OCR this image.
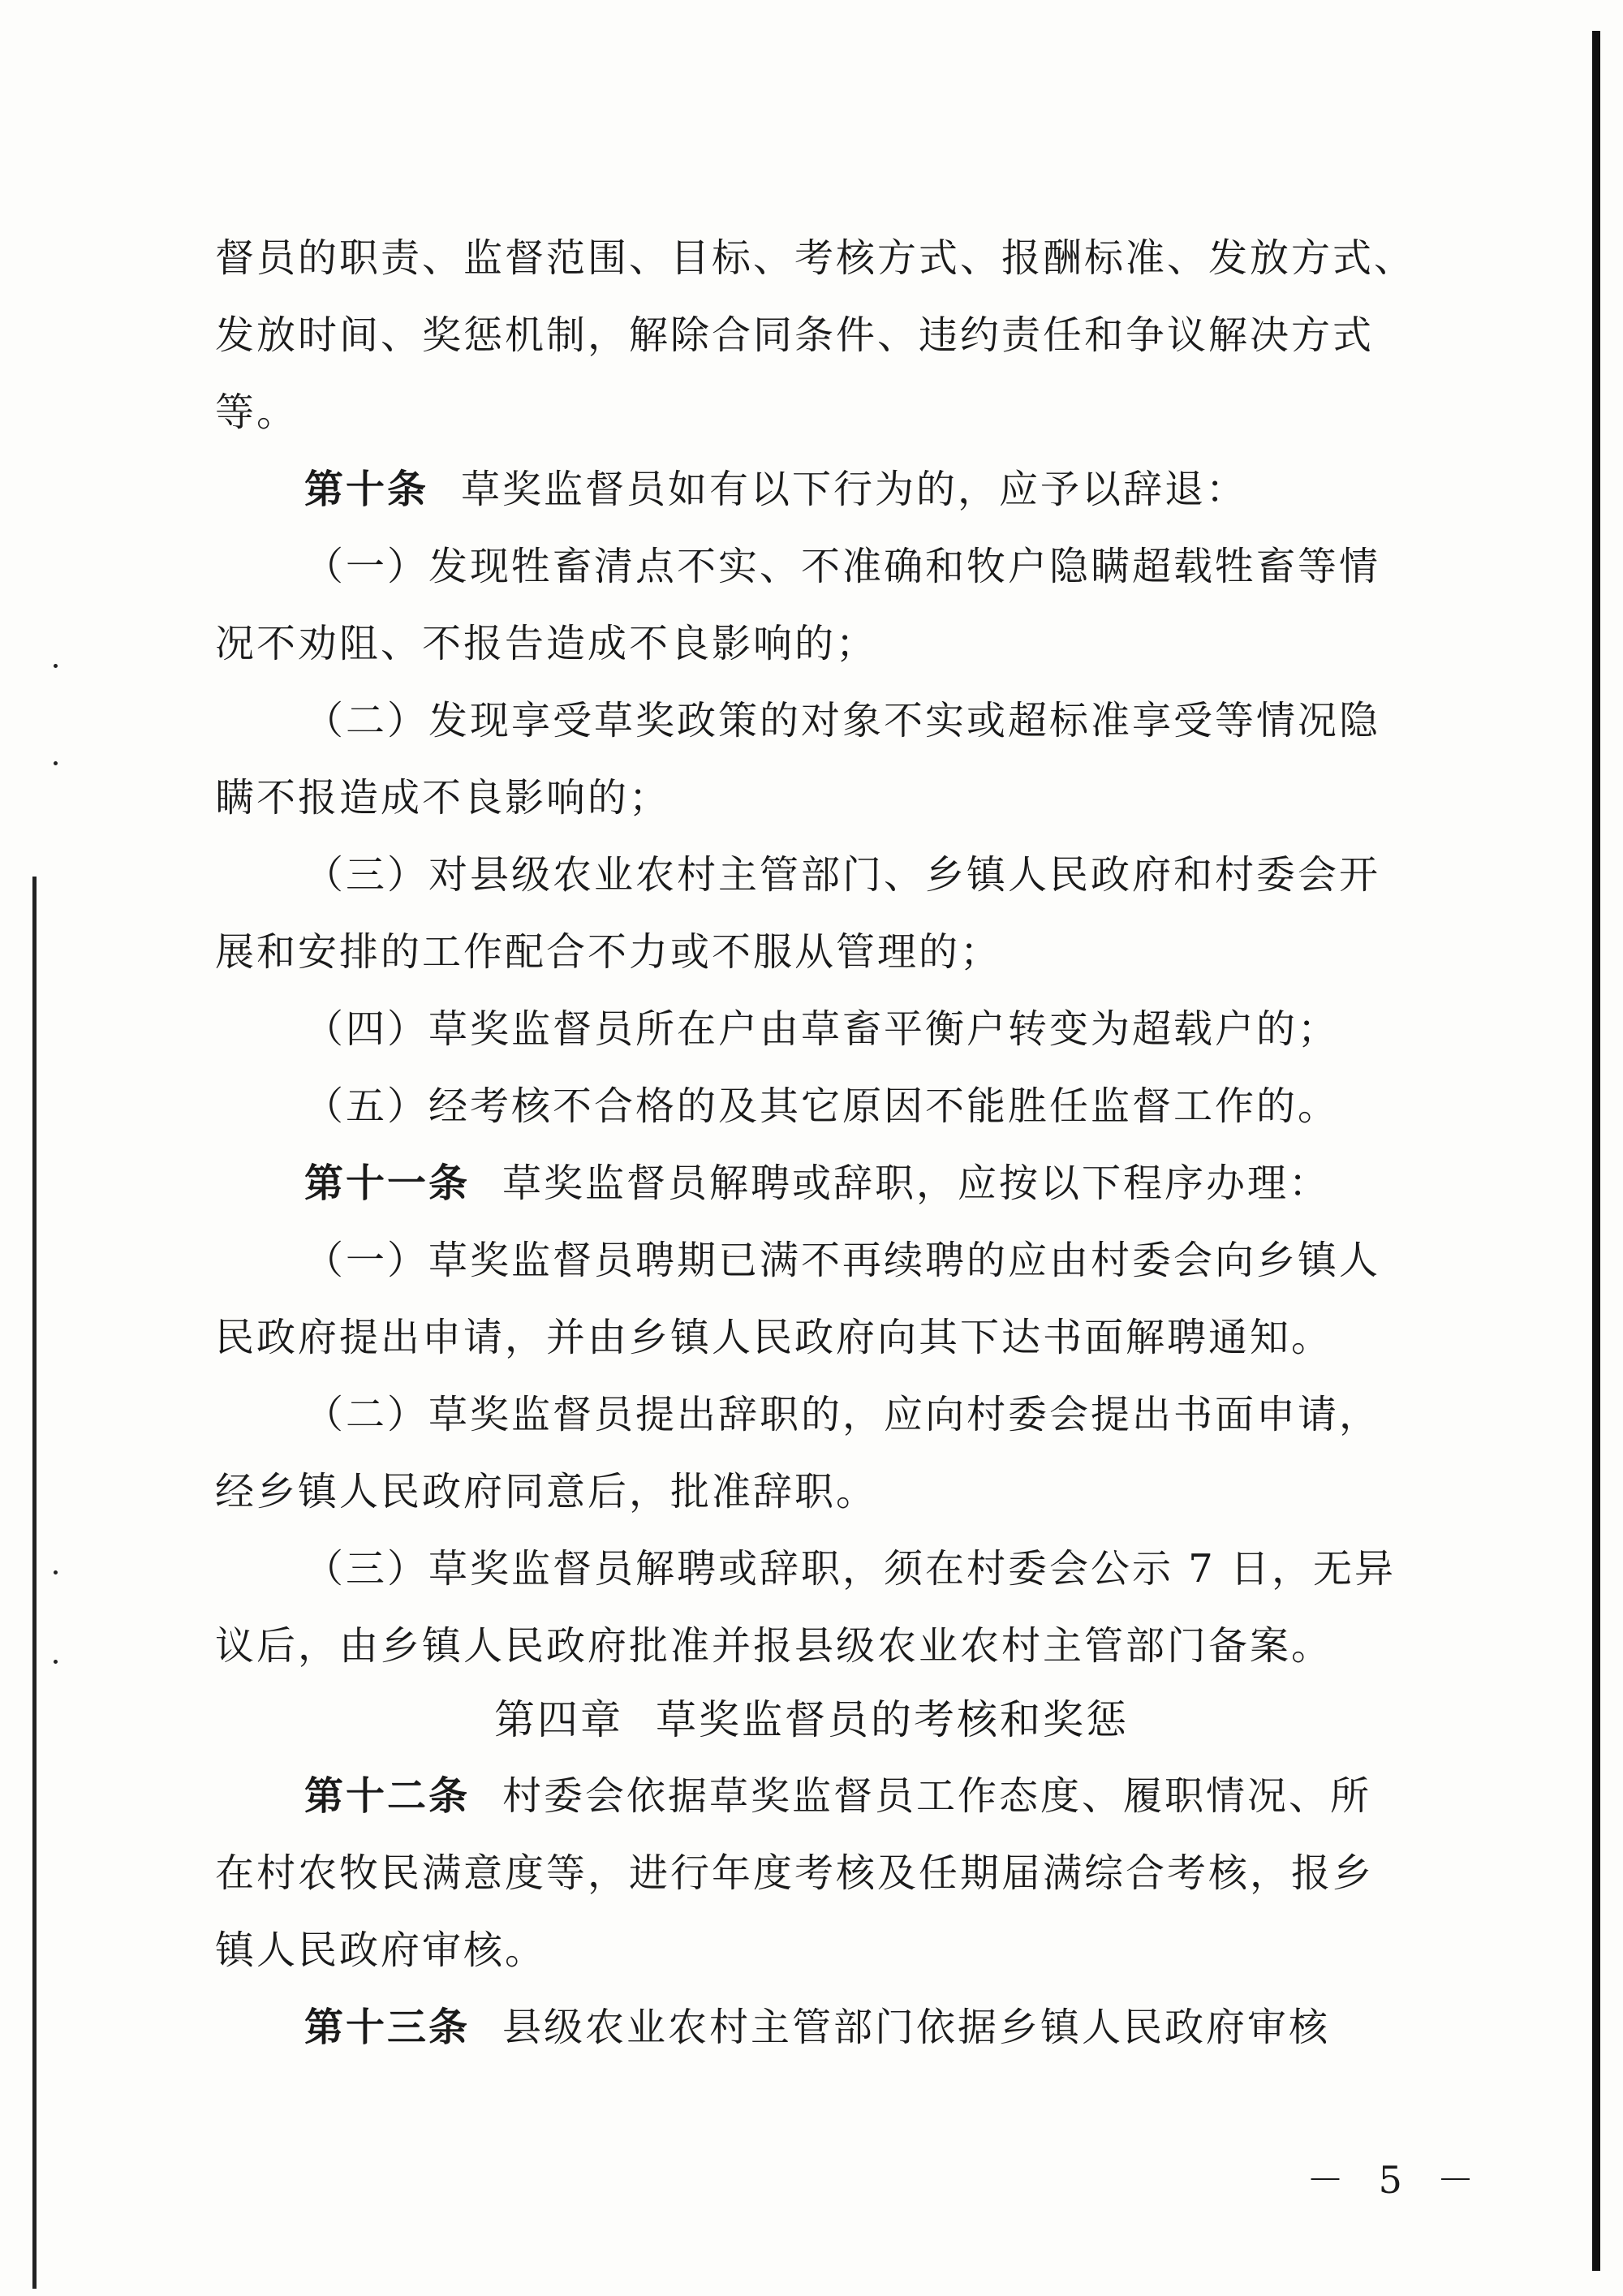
督员的职责、监督范围、目标、考核方式、报酬标准、发放方式、
发放时间、奖惩机制，解除合同条件、违约责任和争议解决方式
等。
第十条 草奖监督员如有以下行为的，应予以辞退：
（一）发现牲畜清点不实、不准确和牧户隐瞒超载牲畜等情
况不劝阻、不报告造成不良影响的；
（二）发现享受草奖政策的对象不实或超标准享受等情况隐
瞒不报造成不良影响的；
（三）对县级农业农村主管部门、乡镇人民政府和村委会开
展和安排的工作配合不力或不服从管理的；
（四）草奖监督员所在户由草畜平衡户转变为超载户的；
（五）经考核不合格的及其它原因不能胜任监督工作的。
第十一条 草奖监督员解聘或辞职，应按以下程序办理：
（一）草奖监督员聘期已满不再续聘的应由村委会向乡镇人
民政府提出申请，并由乡镇人民政府向其下达书面解聘通知。
（二）草奖监督员提出辞职的，应向村委会提出书面申请，
经乡镇人民政府同意后，批准辞职。
（三）草奖监督员解聘或辞职，须在村委会公示 7 日，无异
议后，由乡镇人民政府批准并报县级农业农村主管部门备案。
第四章 草奖监督员的考核和奖惩
第十二条 村委会依据草奖监督员工作态度、履职情况、所
在村农牧民满意度等，进行年度考核及任期届满综合考核，报乡
镇人民政府审核。
第十三条 县级农业农村主管部门依据乡镇人民政府审核
－ 5 －
